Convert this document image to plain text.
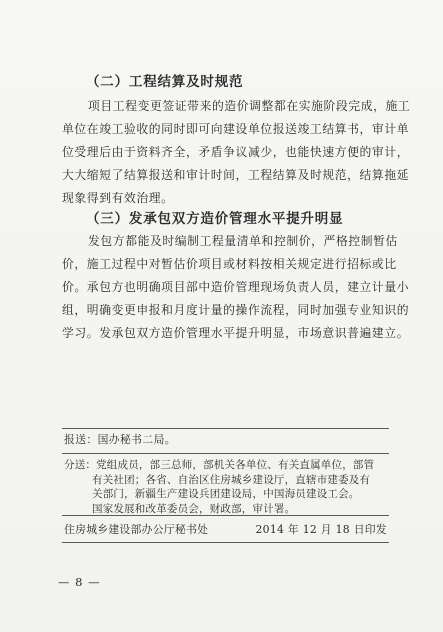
（二）工程结算及时规范
项目工程变更签证带来的造价调整都在实施阶段完成，施工
单位在竣工验收的同时即可向建设单位报送竣工结算书，审计单
位受理后由于资料齐全，矛盾争议减少，也能快速方便的审计，
大大缩短了结算报送和审计时间，工程结算及时规范，结算拖延
现象得到有效治理。
（三）发承包双方造价管理水平提升明显
发包方都能及时编制工程量清单和控制价，严格控制暂估
价，施工过程中对暂估价项目或材料按相关规定进行招标或比
价。承包方也明确项目部中造价管理现场负责人员，建立计量小
组，明确变更申报和月度计量的操作流程，同时加强专业知识的
学习。发承包双方造价管理水平提升明显，市场意识普遍建立。
报送：国办秘书二局。
分送：党组成员，部三总师，部机关各单位、有关直属单位，部管
有关社团；各省、自治区住房城乡建设厅，直辖市建委及有
关部门，新疆生产建设兵团建设局，中国海员建设工会。
国家发展和改革委员会，财政部，审计署。
住房城乡建设部办公厅秘书处	2014 年 12 月 18 日印发
— 8 —
